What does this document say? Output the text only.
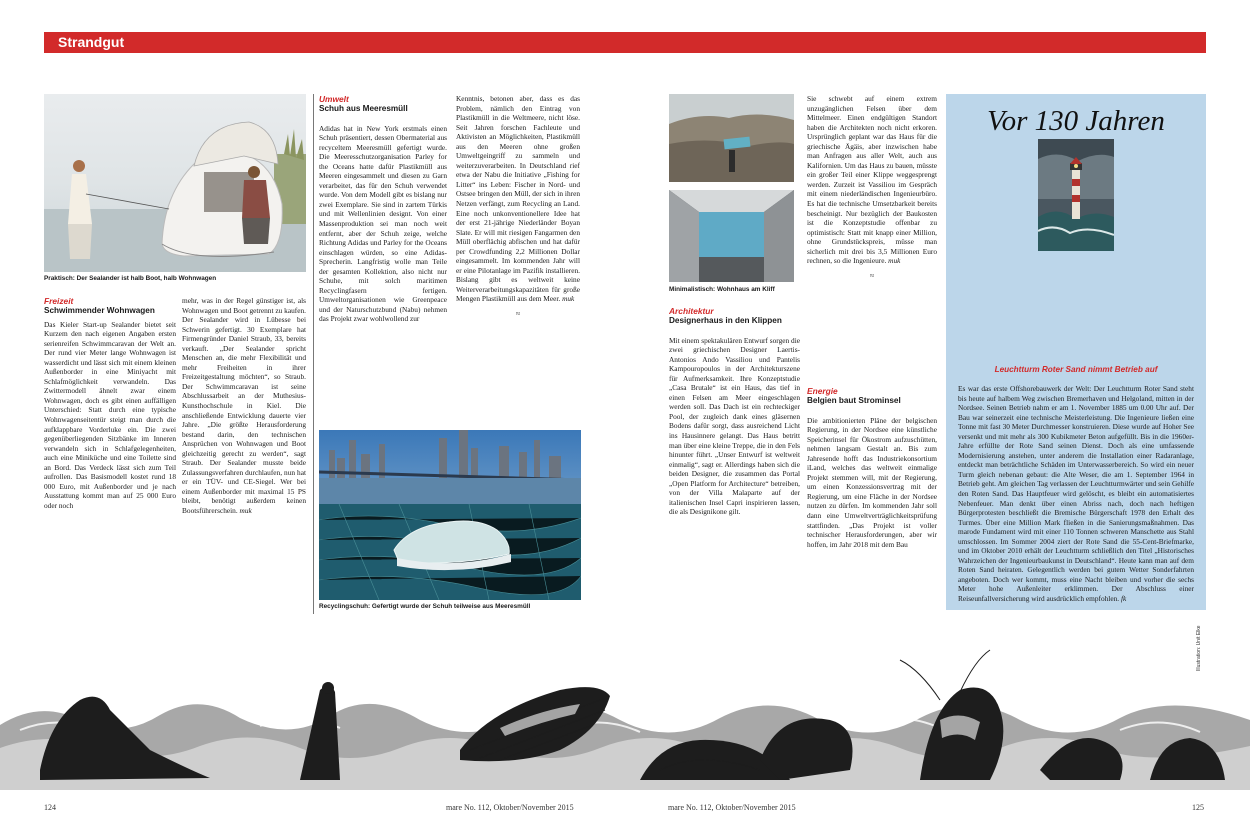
Strandgut
Praktisch: Der Sealander ist halb Boot, halb Wohnwagen
Freizeit
Schwimmender Wohnwagen

Das Kieler Start-up Sealander bietet seit Kurzem den nach eigenen Angaben ersten serienreifen Schwimmcaravan der Welt an. Der rund vier Meter lange Wohnwagen ist wasserdicht und lässt sich mit einem kleinen Außenborder in eine Miniyacht mit Schlafmöglichkeit verwandeln. Das Zwittermodell ähnelt zwar einem Wohnwagen, doch es gibt einen auffälligen Unterschied: Statt durch eine typische Wohnwagenseitentür steigt man durch die aufklappbare Vorderluke ein. Die zwei gegenüberliegenden Sitzbänke im Inneren verwandeln sich in Schlafgelegenheiten, auch eine Miniküche und eine Toilette sind an Bord. Das Verdeck lässt sich zum Teil aufrollen. Das Basismodell kostet rund 18 000 Euro, mit Außenborder und je nach Ausstattung kommt man auf 25 000 Euro oder noch

mehr, was in der Regel günstiger ist, als Wohnwagen und Boot getrennt zu kaufen. Der Sealander wird in Lübesse bei Schwerin gefertigt. 30 Exemplare hat Firmengründer Daniel Straub, 33, bereits verkauft. „Der Sealander spricht Menschen an, die mehr Flexibilität und mehr Freiheiten in ihrer Freizeitgestaltung möchten“, so Straub. Der Schwimmcaravan ist seine Abschlussarbeit an der Muthesius-Kunsthochschule in Kiel. Die anschließende Entwicklung dauerte vier Jahre. „Die größte Herausforderung bestand darin, den technischen Ansprüchen von Wohnwagen und Boot gleichzeitig gerecht zu werden“, sagt Straub. Der Sealander musste beide Zulassungsverfahren durchlaufen, nun hat er ein TÜV- und CE-Siegel. Wer bei einem Außenborder mit maximal 15 PS bleibt, benötigt außerdem keinen Bootsführerschein. muk

Umwelt
Schuh aus Meeresmüll

Adidas hat in New York erstmals einen Schuh präsentiert, dessen Obermaterial aus recyceltem Meeresmüll gefertigt wurde. Die Meeresschutzorganisation Parley for the Oceans hatte dafür Plastikmüll aus Meeren eingesammelt und diesen zu Garn verarbeitet, das für den Schuh verwendet wurde. Von dem Modell gibt es bislang nur zwei Exemplare. Sie sind in zartem Türkis und mit Wellenlinien designt. Von einer Massenproduktion sei man noch weit entfernt, aber der Schuh zeige, welche Richtung Adidas und Parley for the Oceans einschlagen würden, so eine Adidas-Sprecherin. Langfristig wolle man Teile der gesamten Kollektion, also nicht nur Schuhe, mit solch maritimen Recyclingfasern fertigen. Umweltorganisationen wie Greenpeace und der Naturschutzbund (Nabu) nehmen das Projekt zwar wohlwollend zur

Kenntnis, betonen aber, dass es das Problem, nämlich den Eintrag von Plastikmüll in die Weltmeere, nicht löse. Seit Jahren forschen Fachleute und Aktivisten an Möglichkeiten, Plastikmüll aus den Meeren ohne großen Umweltgeingriff zu sammeln und weiterzuverarbeiten. In Deutschland rief etwa der Nabu die Initiative „Fishing for Litter“ ins Leben: Fischer in Nord- und Ostsee bringen den Müll, der sich in ihren Netzen verfängt, zum Recycling an Land. Eine noch unkonventionellere Idee hat der erst 21-jährige Niederländer Boyan Slate. Er will mit riesigen Fangarmen den Müll oberflächig abfischen und hat dafür per Crowdfunding 2,2 Millionen Dollar eingesammelt. Im kommenden Jahr will er eine Pilotanlage im Pazifik installieren. Bislang gibt es weltweit keine Weiterverarbeitungskapazitäten für große Mengen Plastikmüll aus dem Meer. muk

≈
Recyclingschuh: Gefertigt wurde der Schuh teilweise aus Meeresmüll
Minimalistisch: Wohnhaus am Kliff
Architektur
Designerhaus in den Klippen

Mit einem spektakulären Entwurf sorgen die zwei griechischen Designer Laertis-Antonios Ando Vassiliou und Pantelis Kampouropoulos in der Architekturszene für Aufmerksamkeit. Ihre Konzeptstudie „Casa Brutale“ ist ein Haus, das tief in einen Felsen am Meer eingeschlagen werden soll. Das Dach ist ein rechteckiger Pool, der zugleich dank eines gläsernen Bodens dafür sorgt, dass ausreichend Licht ins Hausinnere gelangt. Das Haus betritt man über eine kleine Treppe, die in den Fels hinunter führt. „Unser Entwurf ist weltweit einmalig“, sagt er. Allerdings haben sich die beiden Designer, die zusammen das Portal „Open Platform for Architecture“ betreiben, von der Villa Malaparte auf der italienischen Insel Capri inspirieren lassen, die als Designikone gilt.

Sie schwebt auf einem extrem unzugänglichen Felsen über dem Mittelmeer. Einen endgültigen Standort haben die Architekten noch nicht erkoren. Ursprünglich geplant war das Haus für die griechische Ägäis, aber inzwischen habe man Anfragen aus aller Welt, auch aus Kalifornien. Um das Haus zu bauen, müsste ein großer Teil einer Klippe weggesprengt werden. Zurzeit ist Vassiliou im Gespräch mit einem niederländischen Ingenieurbüro. Es hat die technische Umsetzbarkeit bereits bescheinigt. Nur bezüglich der Baukosten ist die Konzeptstudie offenbar zu optimistisch: Statt mit knapp einer Million, ohne Grundstückspreis, müsse man sicherlich mit drei bis 3,5 Millionen Euro rechnen, so die Ingenieure. muk

≈
Energie
Belgien baut Strominsel

Die ambitionierten Pläne der belgischen Regierung, in der Nordsee eine künstliche Speicherinsel für Ökostrom aufzuschütten, nehmen langsam Gestalt an. Bis zum Jahresende hofft das Industriekonsortium iLand, welches das weltweit einmalige Projekt stemmen will, mit der Regierung, um einen Konzessionsvertrag mit der Regierung, um eine Fläche in der Nordsee nutzen zu dürfen. Im kommenden Jahr soll dann eine Umweltverträglichkeitsprüfung stattfinden. „Das Projekt ist voller technischer Herausforderungen, aber wir hoffen, im Jahr 2018 mit dem Bau

Vor 130 Jahren
Leuchtturm Roter Sand nimmt Betrieb auf
Es war das erste Offshorebauwerk der Welt: Der Leuchtturm Roter Sand steht bis heute auf halbem Weg zwischen Bremerhaven und Helgoland, mitten in der Nordsee. Seinen Betrieb nahm er am 1. November 1885 um 0.00 Uhr auf. Der Bau war seinerzeit eine technische Meisterleistung. Die Ingenieure ließen eine Tonne mit fast 30 Meter Durchmesser konstruieren. Diese wurde auf Hoher See versenkt und mit mehr als 300 Kubikmeter Beton aufgefüllt. Bis in die 1960er-Jahre erfüllte der Rote Sand seinen Dienst. Doch als eine umfassende Modernisierung anstehen, unter anderem die Installation einer Radaranlage, entdeckt man beträchtliche Schäden im Unterwasserbereich. So wird ein neuer Turm gleich nebenan gebaut: die Alte Weser, die am 1. September 1964 in Betrieb geht. Am gleichen Tag verlassen der Leuchtturmwärter und sein Gehilfe den Roten Sand. Das Hauptfeuer wird gelöscht, es bleibt ein automatisiertes Nebenfeuer. Man denkt über einen Abriss nach, doch nach heftigen Bürgerprotesten beschließt die Bremische Bürgerschaft 1978 den Erhalt des Turmes. Über eine Million Mark fließen in die Sanierungsmaßnahmen. Das marode Fundament wird mit einer 110 Tonnen schweren Manschette aus Stahl umschlossen. Im Sommer 2004 ziert der Rote Sand die 55-Cent-Briefmarke, und im Oktober 2010 erhält der Leuchtturm schließlich den Titel „Historisches Wahrzeichen der Ingenieurbaukunst in Deutschland“. Heute kann man auf dem Roten Sand heiraten. Gelegentlich werden bei gutem Wetter Sonderfahrten angeboten. Doch wer kommt, muss eine Nacht bleiben und vorher die sechs Meter hohe Außenleiter erklimmen. Der Abschluss einer Reiseunfallversicherung wird ausdrücklich empfohlen. fk
Illustration: Unit Elke
124	mare No. 112, Oktober/November 2015	mare No. 112, Oktober/November 2015	125
